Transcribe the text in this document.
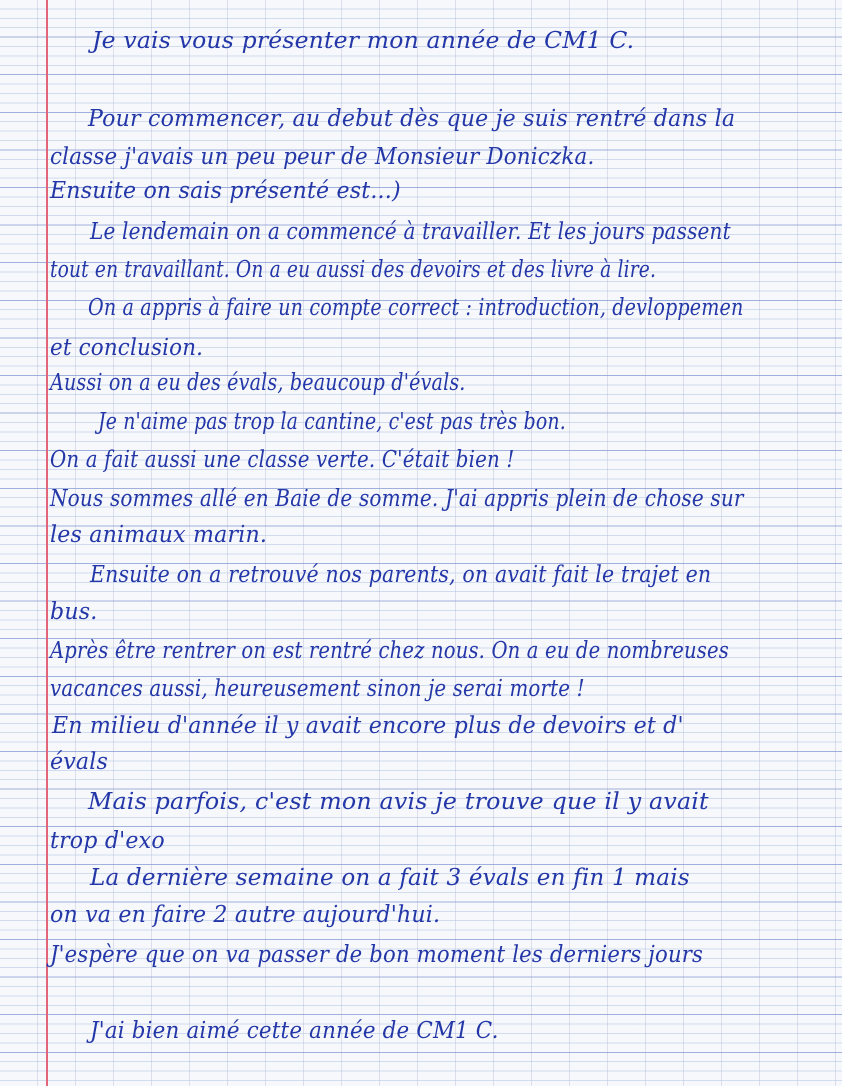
Je vais vous présenter mon année de CM1 C.

Pour commencer, au debut dès que je suis rentré dans la

classe j'avais un peu peur de Monsieur Doniczka.

Ensuite on sais présenté est...)

Le lendemain on a commencé à travailler. Et les jours passent

tout en travaillant. On a eu aussi des devoirs et des livre à lire.

On a appris à faire un compte correct : introduction, devloppemen

et conclusion.

Aussi on a eu des évals, beaucoup d'évals.

Je n'aime pas trop la cantine, c'est pas très bon.

On a fait aussi une classe verte. C'était bien !

Nous sommes allé en Baie de somme. J'ai appris plein de chose sur

les animaux marin.

Ensuite on a retrouvé nos parents, on avait fait le trajet en

bus.

Après être rentrer on est rentré chez nous. On a eu de nombreuses

vacances aussi, heureusement sinon je serai morte !

En milieu d'année il y avait encore plus de devoirs et d'

évals

Mais parfois, c'est mon avis je trouve que il y avait

trop d'exo

La dernière semaine on a fait 3 évals en fin 1 mais

on va en faire 2 autre aujourd'hui.

J'espère que on va passer de bon moment les derniers jours

J'ai bien aimé cette année de CM1 C.
